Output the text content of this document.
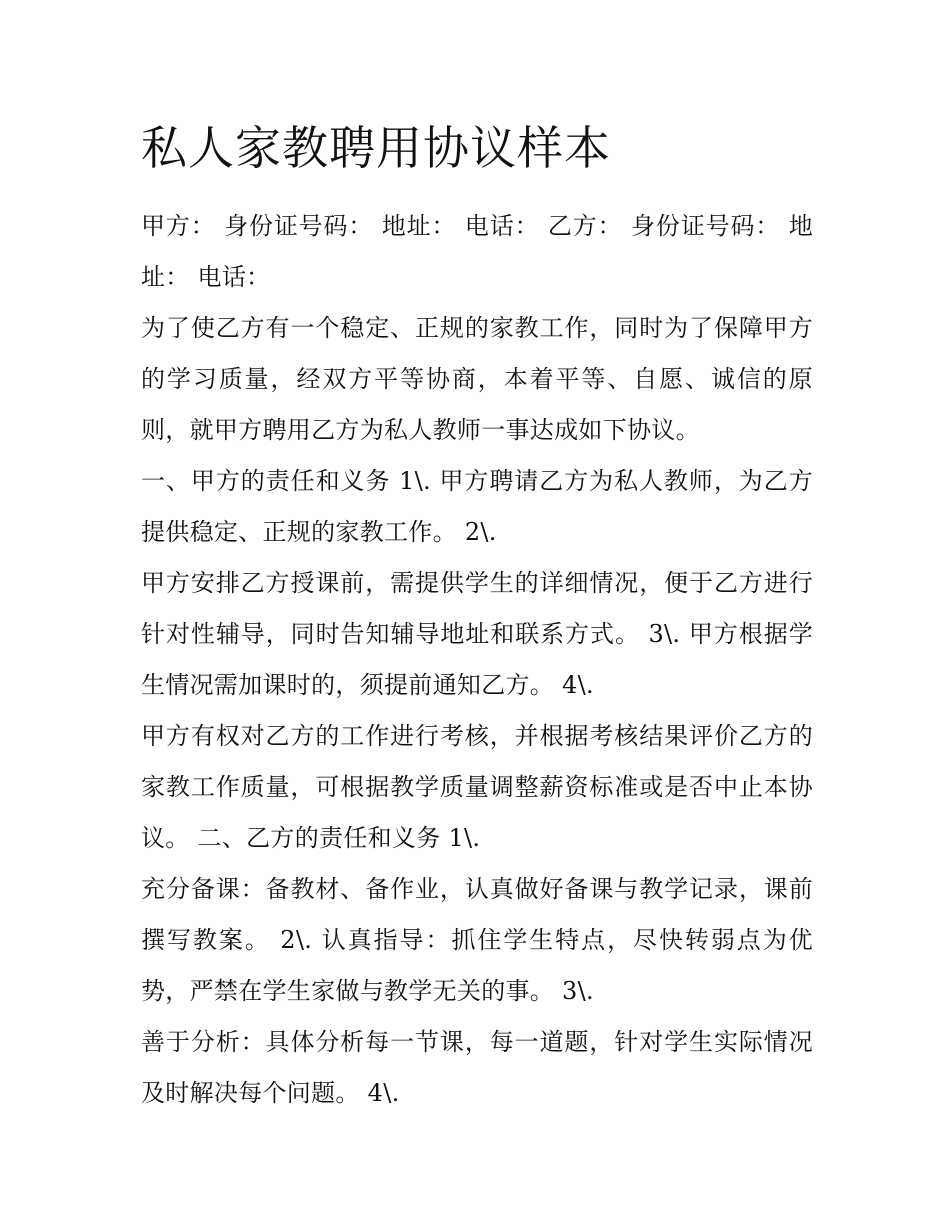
私人家教聘用协议样本

甲方： 身份证号码： 地址： 电话： 乙方： 身份证号码： 地址： 电话：

为了使乙方有一个稳定、正规的家教工作，同时为了保障甲方的学习质量，经双方平等协商，本着平等、自愿、诚信的原则，就甲方聘用乙方为私人教师一事达成如下协议。

一、甲方的责任和义务 1\. 甲方聘请乙方为私人教师，为乙方提供稳定、正规的家教工作。 2\.

甲方安排乙方授课前，需提供学生的详细情况，便于乙方进行针对性辅导，同时告知辅导地址和联系方式。 3\. 甲方根据学生情况需加课时的，须提前通知乙方。 4\.

甲方有权对乙方的工作进行考核，并根据考核结果评价乙方的家教工作质量，可根据教学质量调整薪资标准或是否中止本协议。 二、乙方的责任和义务 1\.

充分备课：备教材、备作业，认真做好备课与教学记录，课前撰写教案。 2\. 认真指导：抓住学生特点，尽快转弱点为优势，严禁在学生家做与教学无关的事。 3\.

善于分析：具体分析每一节课，每一道题，针对学生实际情况及时解决每个问题。 4\.
